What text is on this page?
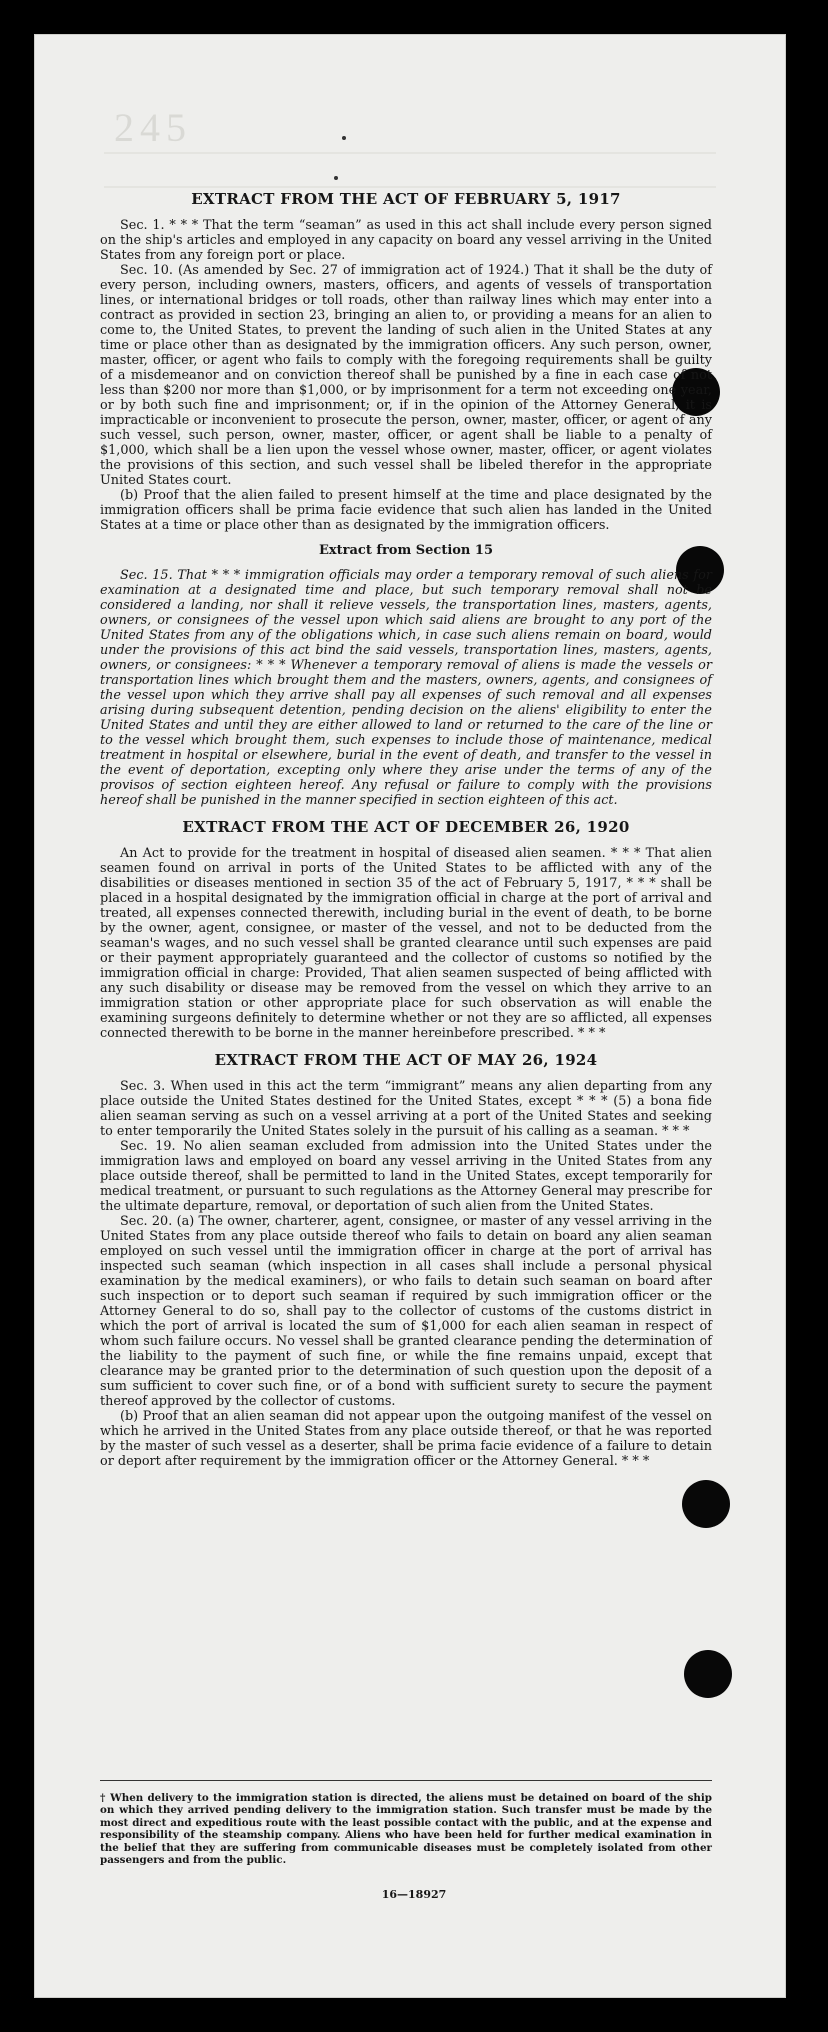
245
EXTRACT FROM THE ACT OF FEBRUARY 5, 1917

Sec. 1. * * * That the term “seaman” as used in this act shall include every person signed on the ship's articles and employed in any capacity on board any vessel arriving in the United States from any foreign port or place.

Sec. 10. (As amended by Sec. 27 of immigration act of 1924.) That it shall be the duty of every person, including owners, masters, officers, and agents of vessels of transportation lines, or international bridges or toll roads, other than railway lines which may enter into a contract as provided in section 23, bringing an alien to, or providing a means for an alien to come to, the United States, to prevent the landing of such alien in the United States at any time or place other than as designated by the immigration officers. Any such person, owner, master, officer, or agent who fails to comply with the foregoing requirements shall be guilty of a misdemeanor and on conviction thereof shall be punished by a fine in each case of not less than $200 nor more than $1,000, or by imprisonment for a term not exceeding one year, or by both such fine and imprisonment; or, if in the opinion of the Attorney General, it is impracticable or inconvenient to prosecute the person, owner, master, officer, or agent of any such vessel, such person, owner, master, officer, or agent shall be liable to a penalty of $1,000, which shall be a lien upon the vessel whose owner, master, officer, or agent violates the provisions of this section, and such vessel shall be libeled therefor in the appropriate United States court.

(b) Proof that the alien failed to present himself at the time and place designated by the immigration officers shall be prima facie evidence that such alien has landed in the United States at a time or place other than as designated by the immigration officers.

Extract from Section 15

Sec. 15. That * * * immigration officials may order a temporary removal of such aliens for examination at a designated time and place, but such temporary removal shall not be considered a landing, nor shall it relieve vessels, the transportation lines, masters, agents, owners, or consignees of the vessel upon which said aliens are brought to any port of the United States from any of the obligations which, in case such aliens remain on board, would under the provisions of this act bind the said vessels, transportation lines, masters, agents, owners, or consignees: * * * Whenever a temporary removal of aliens is made the vessels or transportation lines which brought them and the masters, owners, agents, and consignees of the vessel upon which they arrive shall pay all expenses of such removal and all expenses arising during subsequent detention, pending decision on the aliens' eligibility to enter the United States and until they are either allowed to land or returned to the care of the line or to the vessel which brought them, such expenses to include those of maintenance, medical treatment in hospital or elsewhere, burial in the event of death, and transfer to the vessel in the event of deportation, excepting only where they arise under the terms of any of the provisos of section eighteen hereof. Any refusal or failure to comply with the provisions hereof shall be punished in the manner specified in section eighteen of this act.

EXTRACT FROM THE ACT OF DECEMBER 26, 1920

An Act to provide for the treatment in hospital of diseased alien seamen. * * * That alien seamen found on arrival in ports of the United States to be afflicted with any of the disabilities or diseases mentioned in section 35 of the act of February 5, 1917, * * * shall be placed in a hospital designated by the immigration official in charge at the port of arrival and treated, all expenses connected therewith, including burial in the event of death, to be borne by the owner, agent, consignee, or master of the vessel, and not to be deducted from the seaman's wages, and no such vessel shall be granted clearance until such expenses are paid or their payment appropriately guaranteed and the collector of customs so notified by the immigration official in charge: Provided, That alien seamen suspected of being afflicted with any such disability or disease may be removed from the vessel on which they arrive to an immigration station or other appropriate place for such observation as will enable the examining surgeons definitely to determine whether or not they are so afflicted, all expenses connected therewith to be borne in the manner hereinbefore prescribed. * * *

EXTRACT FROM THE ACT OF MAY 26, 1924

Sec. 3. When used in this act the term “immigrant” means any alien departing from any place outside the United States destined for the United States, except * * * (5) a bona fide alien seaman serving as such on a vessel arriving at a port of the United States and seeking to enter temporarily the United States solely in the pursuit of his calling as a seaman. * * *

Sec. 19. No alien seaman excluded from admission into the United States under the immigration laws and employed on board any vessel arriving in the United States from any place outside thereof, shall be permitted to land in the United States, except temporarily for medical treatment, or pursuant to such regulations as the Attorney General may prescribe for the ultimate departure, removal, or deportation of such alien from the United States.

Sec. 20. (a) The owner, charterer, agent, consignee, or master of any vessel arriving in the United States from any place outside thereof who fails to detain on board any alien seaman employed on such vessel until the immigration officer in charge at the port of arrival has inspected such seaman (which inspection in all cases shall include a personal physical examination by the medical examiners), or who fails to detain such seaman on board after such inspection or to deport such seaman if required by such immigration officer or the Attorney General to do so, shall pay to the collector of customs of the customs district in which the port of arrival is located the sum of $1,000 for each alien seaman in respect of whom such failure occurs. No vessel shall be granted clearance pending the determination of the liability to the payment of such fine, or while the fine remains unpaid, except that clearance may be granted prior to the determination of such question upon the deposit of a sum sufficient to cover such fine, or of a bond with sufficient surety to secure the payment thereof approved by the collector of customs.

(b) Proof that an alien seaman did not appear upon the outgoing manifest of the vessel on which he arrived in the United States from any place outside thereof, or that he was reported by the master of such vessel as a deserter, shall be prima facie evidence of a failure to detain or deport after requirement by the immigration officer or the Attorney General. * * *

† When delivery to the immigration station is directed, the aliens must be detained on board of the ship on which they arrived pending delivery to the immigration station. Such transfer must be made by the most direct and expeditious route with the least possible contact with the public, and at the expense and responsibility of the steamship company. Aliens who have been held for further medical examination in the belief that they are suffering from communicable diseases must be completely isolated from other passengers and from the public.
16—18927
